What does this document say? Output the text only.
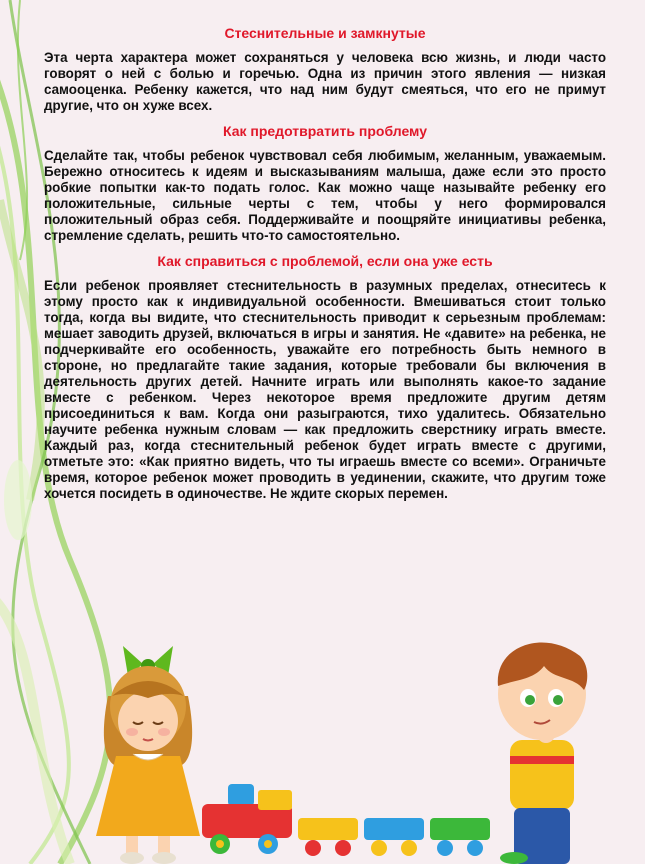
Стеснительные и замкнутые

Эта черта характера может сохраняться у человека всю жизнь, и люди часто говорят о ней с болью и горечью. Одна из причин этого явления — низкая самооценка. Ребенку кажется, что над ним будут смеяться, что его не примут другие, что он хуже всех.

Как предотвратить проблему

Сделайте так, чтобы ребенок чувствовал себя любимым, желанным, уважаемым. Бережно относитесь к идеям и высказываниям малыша, даже если это просто робкие попытки как-то подать голос. Как можно чаще называйте ребенку его положительные, сильные черты с тем, чтобы у него формировался положительный образ себя. Поддерживайте и поощряйте инициативы ребенка, стремление сделать, решить что-то самостоятельно.

Как справиться с проблемой, если она уже есть

Если ребенок проявляет стеснительность в разумных пределах, отнеситесь к этому просто как к индивидуальной особенности. Вмешиваться стоит только тогда, когда вы видите, что стеснительность приводит к серьезным проблемам: мешает заводить друзей, включаться в игры и занятия. Не «давите» на ребенка, не подчеркивайте его особенность, уважайте его потребность быть немного в стороне, но предлагайте такие задания, которые требовали бы включения в деятельность других детей. Начните играть или выполнять какое-то задание вместе с ребенком. Через некоторое время предложите другим детям присоединиться к вам. Когда они разыграются, тихо удалитесь. Обязательно научите ребенка нужным словам — как предложить сверстнику играть вместе. Каждый раз, когда стеснительный ребенок будет играть вместе с другими, отметьте это: «Как приятно видеть, что ты играешь вместе со всеми». Ограничьте время, которое ребенок может проводить в уединении, скажите, что другим тоже хочется посидеть в одиночестве. Не ждите скорых перемен.
